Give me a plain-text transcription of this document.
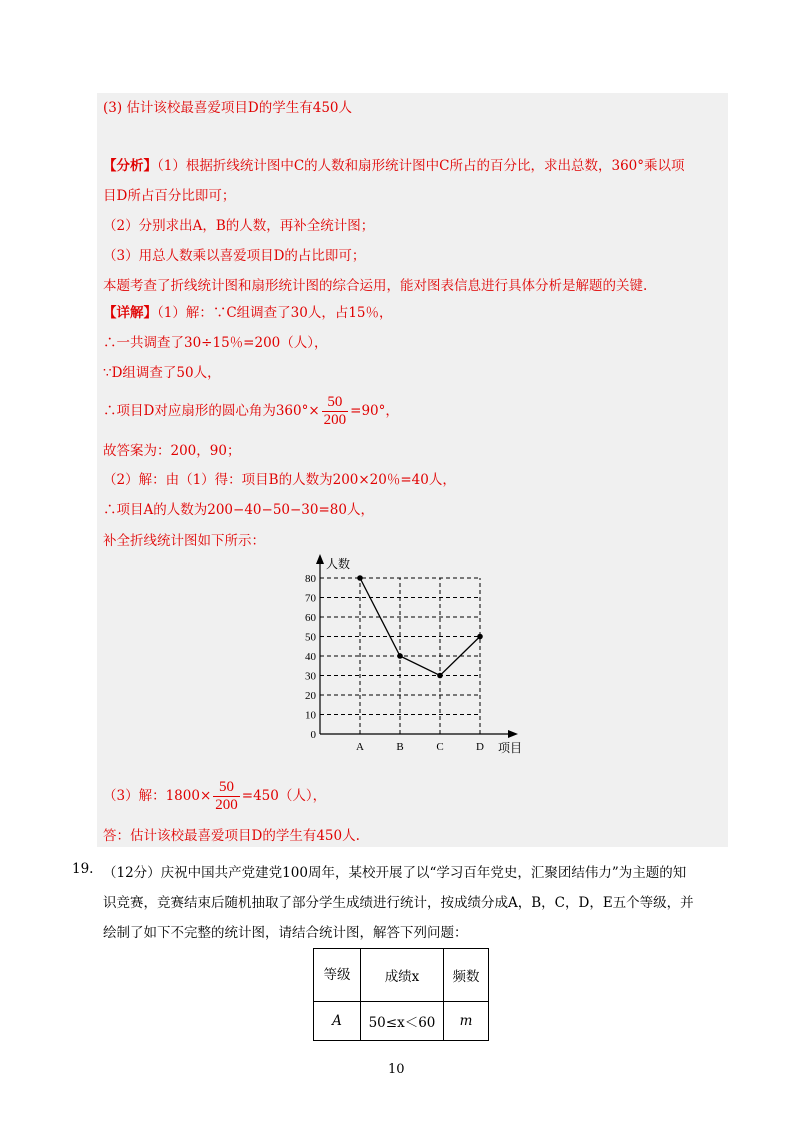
(3) 估计该校最喜爱项目D的学生有450人
【分析】（1）根据折线统计图中C的人数和扇形统计图中C所占的百分比，求出总数，360°乘以项
目D所占百分比即可；
（2）分别求出A，B的人数，再补全统计图；
（3）用总人数乘以喜爱项目D的占比即可；
本题考查了折线统计图和扇形统计图的综合运用，能对图表信息进行具体分析是解题的关键.
【详解】（1）解：∵C组调查了30人，占15％，
∴一共调查了30÷15％=200（人），
∵D组调查了50人，
∴项目D对应扇形的圆心角为$360^\circ\times \frac{50}{200} =90^\circ$，
故答案为：200，90；
（2）解：由（1）得：项目B的人数为200×20％=40人，
∴项目A的人数为200−40−50−30=80人，
补全折线统计图如下所示：
0
10
20
30
40
50
60
70
80
A	B	C	D
人数
项目
（3）解：$1800\times \frac{50}{200} =450$（人），
答：估计该校最喜爱项目D的学生有450人.
19. （12分）庆祝中国共产党建党100周年，某校开展了以“学习百年党史，汇聚团结伟力”为主题的知
识竞赛，竞赛结束后随机抽取了部分学生成绩进行统计，按成绩分成A，B，C，D，E五个等级，并
绘制了如下不完整的统计图，请结合统计图，解答下列问题：
等级	成绩x	频数
A	50≤x＜60	m
10
